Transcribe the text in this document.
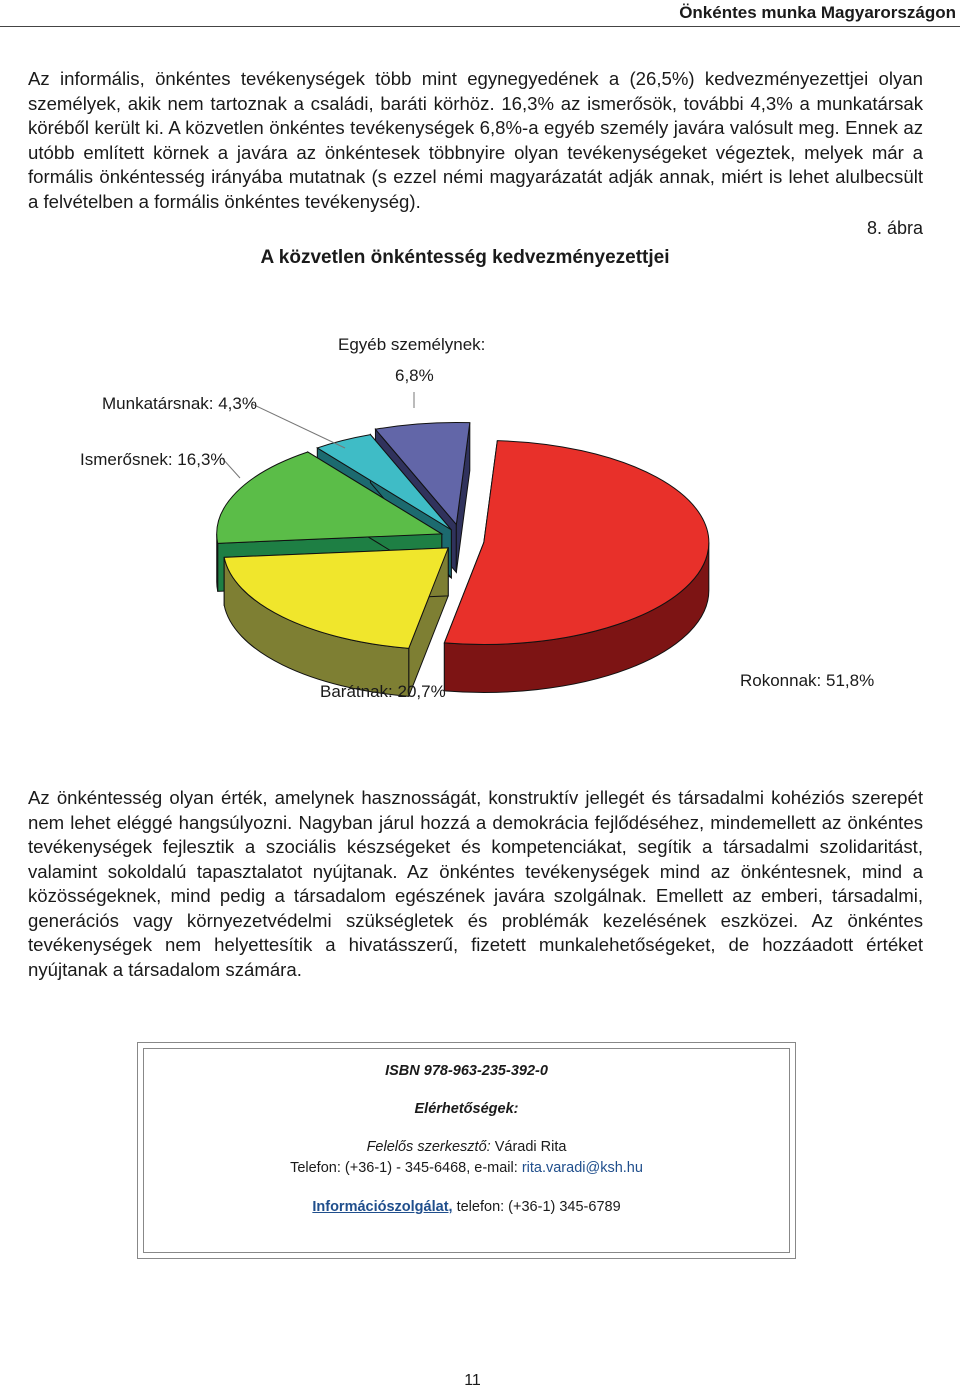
Önkéntes munka Magyarországon

Az informális, önkéntes tevékenységek több mint egynegyedének a (26,5%) kedvezményezettjei olyan személyek, akik nem tartoznak a családi, baráti körhöz. 16,3% az ismerősök, további 4,3% a munkatársak köréből került ki. A közvetlen önkéntes tevékenységek 6,8%-a egyéb személy javára valósult meg. Ennek az utóbb említett körnek a javára az önkéntesek többnyire olyan tevékenységeket végeztek, melyek már a formális önkéntesség irányába mutatnak (s ezzel némi magyarázatát adják annak, miért is lehet alulbecsült a felvételben a formális önkéntes tevékenység).

8. ábra
A közvetlen önkéntesség kedvezményezettjei
Rokonnak: 51,8%
Barátnak: 20,7%
Ismerősnek: 16,3%
Munkatársnak: 4,3%
Egyéb személynek:
6,8%

Az önkéntesség olyan érték, amelynek hasznosságát, konstruktív jellegét és társadalmi kohéziós szerepét nem lehet eléggé hangsúlyozni. Nagyban járul hozzá a demokrácia fejlődéséhez, mindemellett az önkéntes tevékenységek fejlesztik a szociális készségeket és kompetenciákat, segítik a társadalmi szolidaritást, valamint sokoldalú tapasztalatot nyújtanak. Az önkéntes tevékenységek mind az önkéntesnek, mind a közösségeknek, mind pedig a társadalom egészének javára szolgálnak. Emellett az emberi, társadalmi, generációs vagy környezetvédelmi szükségletek és problémák kezelésének eszközei. Az önkéntes tevékenységek nem helyettesítik a hivatásszerű, fizetett munkalehetőségeket, de hozzáadott értéket nyújtanak a társadalom számára.

ISBN 978-963-235-392-0
Elérhetőségek:
Felelős szerkesztő: Váradi Rita
Telefon: (+36-1) - 345-6468, e-mail: rita.varadi@ksh.hu
Információszolgálat, telefon: (+36-1) 345-6789
11
